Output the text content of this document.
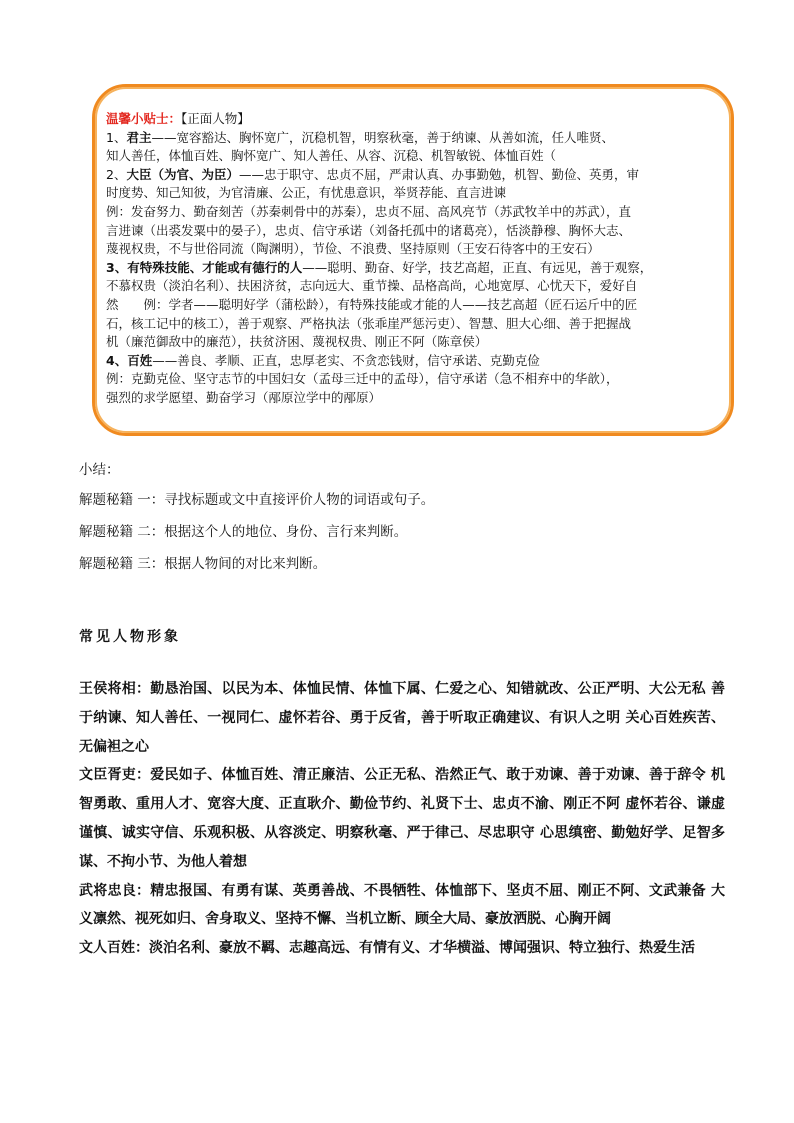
温馨小贴士：【正面人物】

1、君主——宽容豁达、胸怀宽广，沉稳机智，明察秋毫，善于纳谏、从善如流，任人唯贤、

知人善任，体恤百姓、胸怀宽广、知人善任、从容、沉稳、机智敏锐、体恤百姓（

2、大臣（为官、为臣）——忠于职守、忠贞不屈，严肃认真、办事勤勉，机智、勤俭、英勇，审

时度势、知己知彼，为官清廉、公正，有忧患意识，举贤荐能、直言进谏

例：发奋努力、勤奋刻苦（苏秦刺骨中的苏秦），忠贞不屈、高风亮节（苏武牧羊中的苏武），直

言进谏（出裘发粟中的晏子），忠贞、信守承诺（刘备托孤中的诸葛亮），恬淡静穆、胸怀大志、

蔑视权贵，不与世俗同流（陶渊明），节俭、不浪费、坚持原则（王安石待客中的王安石）

3、有特殊技能、才能或有德行的人——聪明、勤奋、好学，技艺高超，正直、有远见，善于观察，

不慕权贵（淡泊名利）、扶困济贫，志向远大、重节操、品格高尚，心地宽厚、心忧天下，爱好自

然　　例：学者——聪明好学（蒲松龄），有特殊技能或才能的人——技艺高超（匠石运斤中的匠

石，核工记中的核工），善于观察、严格执法（张乖崖严惩污吏）、智慧、胆大心细、善于把握战

机（廉范御敌中的廉范），扶贫济困、蔑视权贵、刚正不阿（陈章侯）

4、百姓——善良、孝顺、正直，忠厚老实、不贪恋钱财，信守承诺、克勤克俭

例：克勤克俭、坚守志节的中国妇女（孟母三迁中的孟母），信守承诺（急不相弃中的华歆），

强烈的求学愿望、勤奋学习（邴原泣学中的邴原）

小结：

解题秘籍 一：寻找标题或文中直接评价人物的词语或句子。

解题秘籍 二：根据这个人的地位、身份、言行来判断。

解题秘籍 三：根据人物间的对比来判断。

常见人物形象

王侯将相：勤恳治国、以民为本、体恤民情、体恤下属、仁爱之心、知错就改、公正严明、大公无私 善于纳谏、知人善任、一视同仁、虚怀若谷、勇于反省，善于听取正确建议、有识人之明 关心百姓疾苦、无偏袒之心

文臣胥吏：爱民如子、体恤百姓、清正廉洁、公正无私、浩然正气、敢于劝谏、善于劝谏、善于辞令 机智勇敢、重用人才、宽容大度、正直耿介、勤俭节约、礼贤下士、忠贞不渝、刚正不阿 虚怀若谷、谦虚谨慎、诚实守信、乐观积极、从容淡定、明察秋毫、严于律己、尽忠职守 心思缜密、勤勉好学、足智多谋、不拘小节、为他人着想

武将忠良：精忠报国、有勇有谋、英勇善战、不畏牺牲、体恤部下、坚贞不屈、刚正不阿、文武兼备 大义凛然、视死如归、舍身取义、坚持不懈、当机立断、顾全大局、豪放洒脱、心胸开阔

文人百姓：淡泊名利、豪放不羁、志趣高远、有情有义、才华横溢、博闻强识、特立独行、热爱生活
